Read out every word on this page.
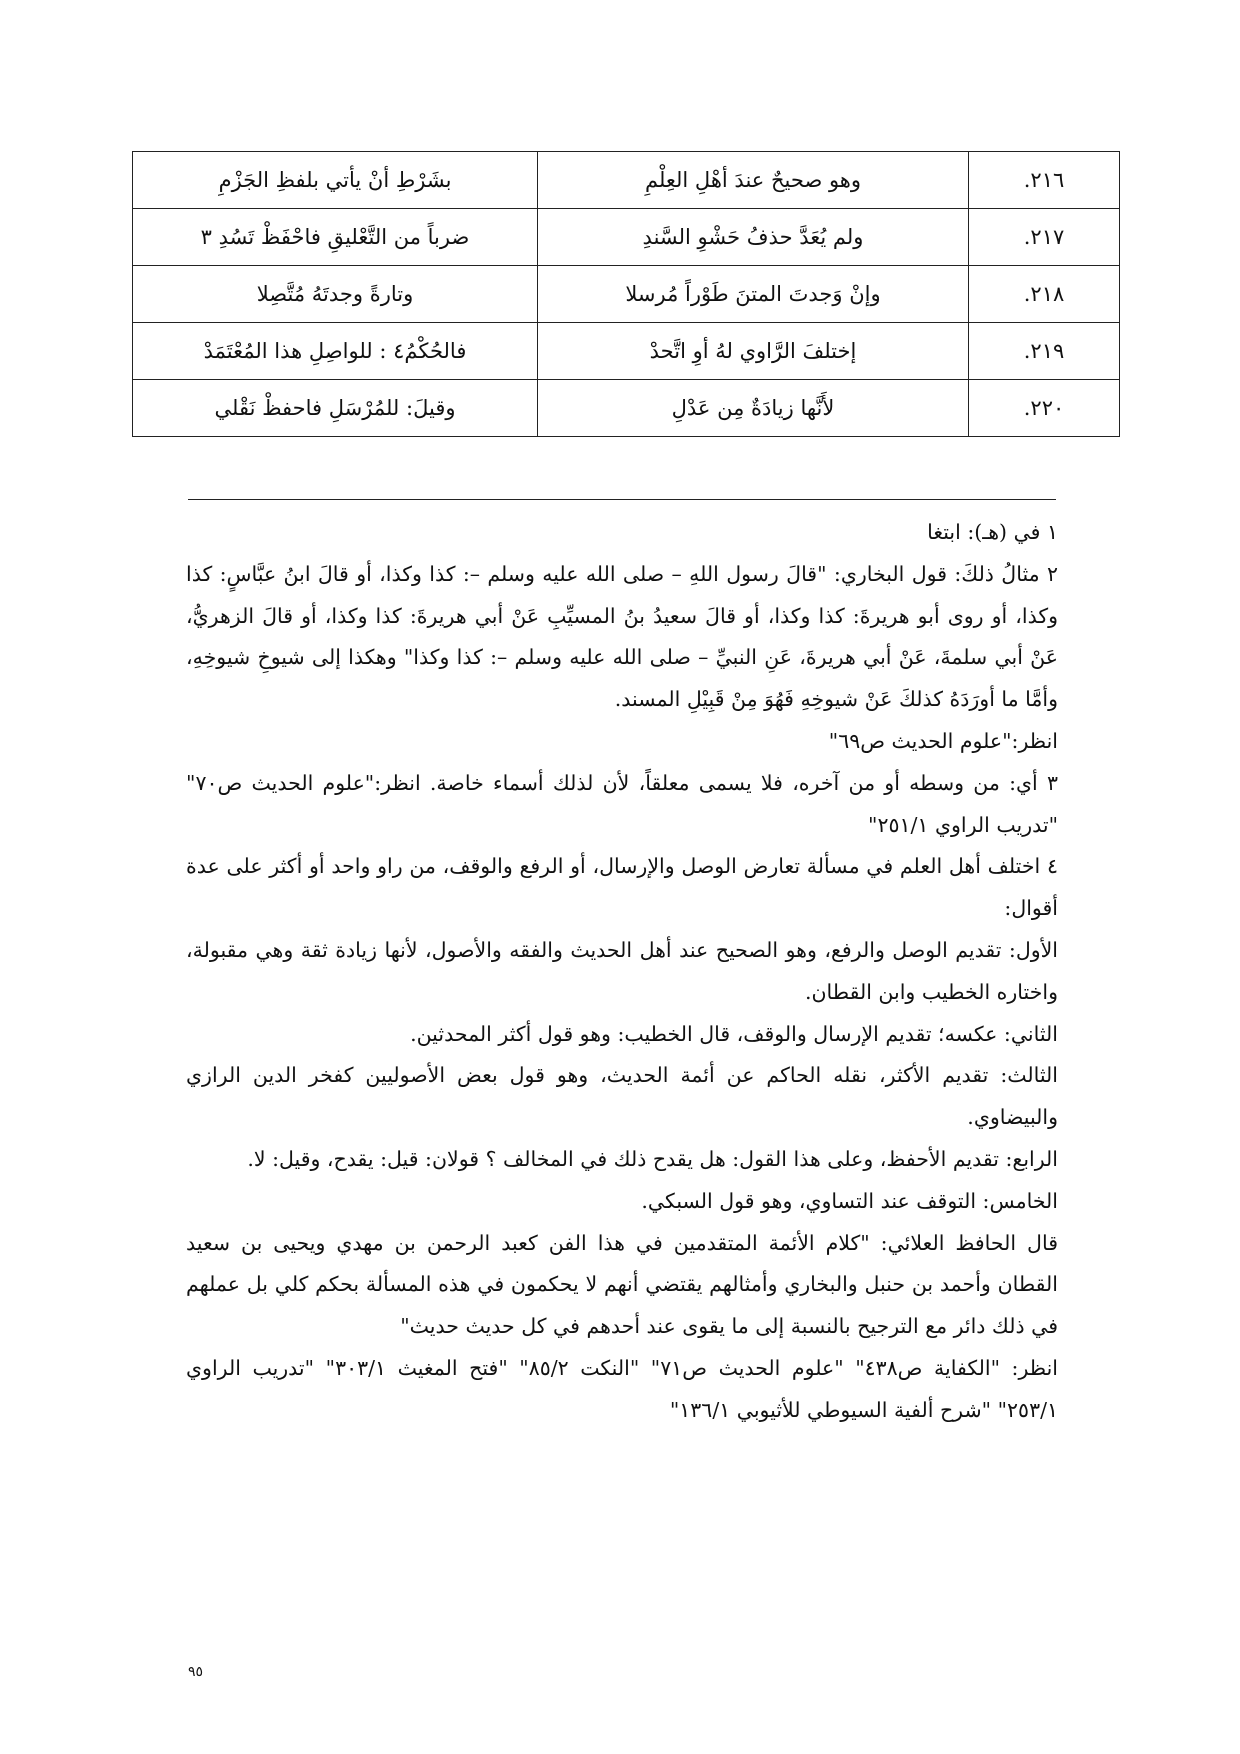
٢١٦.	وهو صحيحٌ عندَ أهْلِ العِلْمِ	بشَرْطِ أنْ يأتي بلفظِ الجَزْمِ
٢١٧.	ولم يُعَدَّ حذفُ حَشْوِ السَّندِ	ضرباً من التَّعْليقِ فاحْفَظْ تَسُدِ ٣
٢١٨.	وإنْ وَجدتَ المتنَ طَوْراً مُرسلا	وتارةً وجدتَهُ مُتَّصِلا
٢١٩.	إختلفَ الرَّاوي لهُ أوِ اتَّحدْ	فالحُكْمُ٤ : للواصِلِ هذا المُعْتَمَدْ
٢٢٠.	لأَنَّها زيادَةٌ مِن عَدْلِ	وقيلَ: للمُرْسَلِ فاحفظْ نَقْلي

١ في (هـ): ابتغا

٢ مثالُ ذلكَ: قول البخاري: "قالَ رسول اللهِ – صلى الله عليه وسلم –: كذا وكذا، أو قالَ ابنُ عبَّاسٍ: كذا وكذا، أو روى أبو هريرةَ: كذا وكذا، أو قالَ سعيدُ بنُ المسيِّبِ عَنْ أبي هريرةَ: كذا وكذا، أو قالَ الزهريُّ، عَنْ أبي سلمةَ، عَنْ أبي هريرةَ، عَنِ النبيِّ – صلى الله عليه وسلم –: كذا وكذا" وهكذا إلى شيوخِ شيوخِهِ، وأمَّا ما أورَدَهُ كذلكَ عَنْ شيوخِهِ فَهُوَ مِنْ قَبِيْلِ المسند.

انظر:"علوم الحديث ص٦٩"

٣ أي: من وسطه أو من آخره، فلا يسمى معلقاً، لأن لذلك أسماء خاصة. انظر:"علوم الحديث ص٧٠" "تدريب الراوي ٢٥١/١"

٤ اختلف أهل العلم في مسألة تعارض الوصل والإرسال، أو الرفع والوقف، من راو واحد أو أكثر على عدة أقوال:

الأول: تقديم الوصل والرفع، وهو الصحيح عند أهل الحديث والفقه والأصول، لأنها زيادة ثقة وهي مقبولة، واختاره الخطيب وابن القطان.

الثاني: عكسه؛ تقديم الإرسال والوقف، قال الخطيب: وهو قول أكثر المحدثين.

الثالث: تقديم الأكثر، نقله الحاكم عن أئمة الحديث، وهو قول بعض الأصوليين كفخر الدين الرازي والبيضاوي.

الرابع: تقديم الأحفظ، وعلى هذا القول: هل يقدح ذلك في المخالف ؟ قولان: قيل: يقدح، وقيل: لا.

الخامس: التوقف عند التساوي، وهو قول السبكي.

قال الحافظ العلائي: "كلام الأئمة المتقدمين في هذا الفن كعبد الرحمن بن مهدي ويحيى بن سعيد القطان وأحمد بن حنبل والبخاري وأمثالهم يقتضي أنهم لا يحكمون في هذه المسألة بحكم كلي بل عملهم في ذلك دائر مع الترجيح بالنسبة إلى ما يقوى عند أحدهم في كل حديث حديث"

انظر: "الكفاية ص٤٣٨" "علوم الحديث ص٧١" "النكت ٨٥/٢" "فتح المغيث ٣٠٣/١" "تدريب الراوي ٢٥٣/١" "شرح ألفية السيوطي للأثيوبي ١٣٦/١"

٩٥
